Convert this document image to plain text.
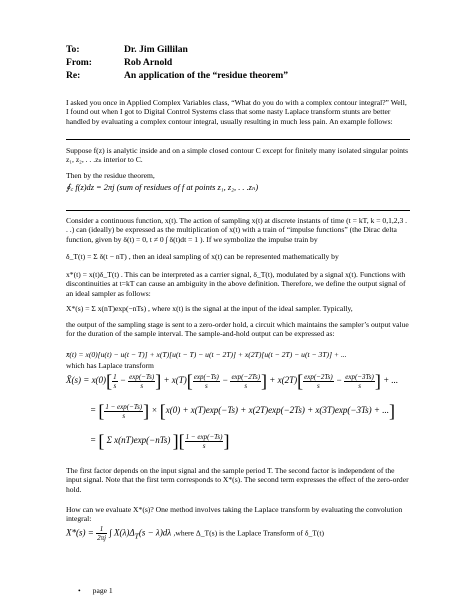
To:	Dr. Jim Gillilan
From:	Rob Arnold
Re:	An application of the “residue theorem”

I asked you once in Applied Complex Variables class, “What do you do with a complex contour integral?” Well, I found out when I got to Digital Control Systems class that some nasty Laplace transform stunts are better handled by evaluating a complex contour integral, usually resulting in much less pain. An example follows:

Suppose f(z) is analytic inside and on a simple closed contour C except for finitely many isolated singular points z₁, z₂, . . .zₙ interior to C.

Then by the residue theorem,

∮꜀ f(z)dz = 2πj (sum of residues of f at points z₁, z₂, . . .zₙ)

Consider a continuous function, x(t). The action of sampling x(t) at discrete instants of time (t = kT, k = 0,1,2,3 . . .) can (ideally) be expressed as the multiplication of x(t) with a train of “impulse functions” (the Dirac delta function, given by δ(t) = 0, t ≠ 0 ∫ δ(t)dt = 1 ). If we symbolize the impulse train by

δ_T(t) = Σ δ(t − nT) , then an ideal sampling of x(t) can be represented mathematically by

x*(t) = x(t)δ_T(t) . This can be interpreted as a carrier signal, δ_T(t), modulated by a signal x(t). Functions with discontinuities at t=kT can cause an ambiguity in the above definition. Therefore, we define the output signal of an ideal sampler as follows:

X*(s) = Σ x(nT)exp(−nTs) , where x(t) is the signal at the input of the ideal sampler. Typically,

the output of the sampling stage is sent to a zero-order hold, a circuit which maintains the sampler’s output value for the duration of the sample interval. The sample-and-hold output can be expressed as:

x̄(t) = x(0)[u(t) − u(t − T)] + x(T)[u(t − T) − u(t − 2T)] + x(2T)[u(t − 2T) − u(t − 3T)] + ...

which has Laplace transform

X̄(s) = $x(0)[ \frac{1}{s} - \frac{\exp(-Ts)}{s}$ ] + $x(T)[ \frac{\exp(-Ts)}{s} - \frac{\exp(-2Ts)}{s}$ ] + $x(2T)[ \frac{\exp(-2Ts)}{s} - \frac{\exp(-3Ts)}{s}$ ] + ...
= [ $\frac{1 - \exp(-Ts)}{s}$ ] × [x(0) + x(T)exp(−Ts) + x(2T)exp(−2Ts) + x(3T)exp(−3Ts) + ...]
= [ Σ x(nT)exp(−nTs) ][ $\frac{1 - \exp(-Ts)}{s}$ ]

The first factor depends on the input signal and the sample period T. The second factor is independent of the input signal. Note that the first term corresponds to X*(s). The second term expresses the effect of the zero-order hold.

How can we evaluate X*(s)? One method involves taking the Laplace transform by evaluating the convolution integral:

$X*(s) = \frac{1}{2\pi j}$ ∫ $X(\lambda)\Delta_T(s - \lambda)d\lambda$ ,where Δ_T(s) is the Laplace Transform of δ_T(t)
• page 1
